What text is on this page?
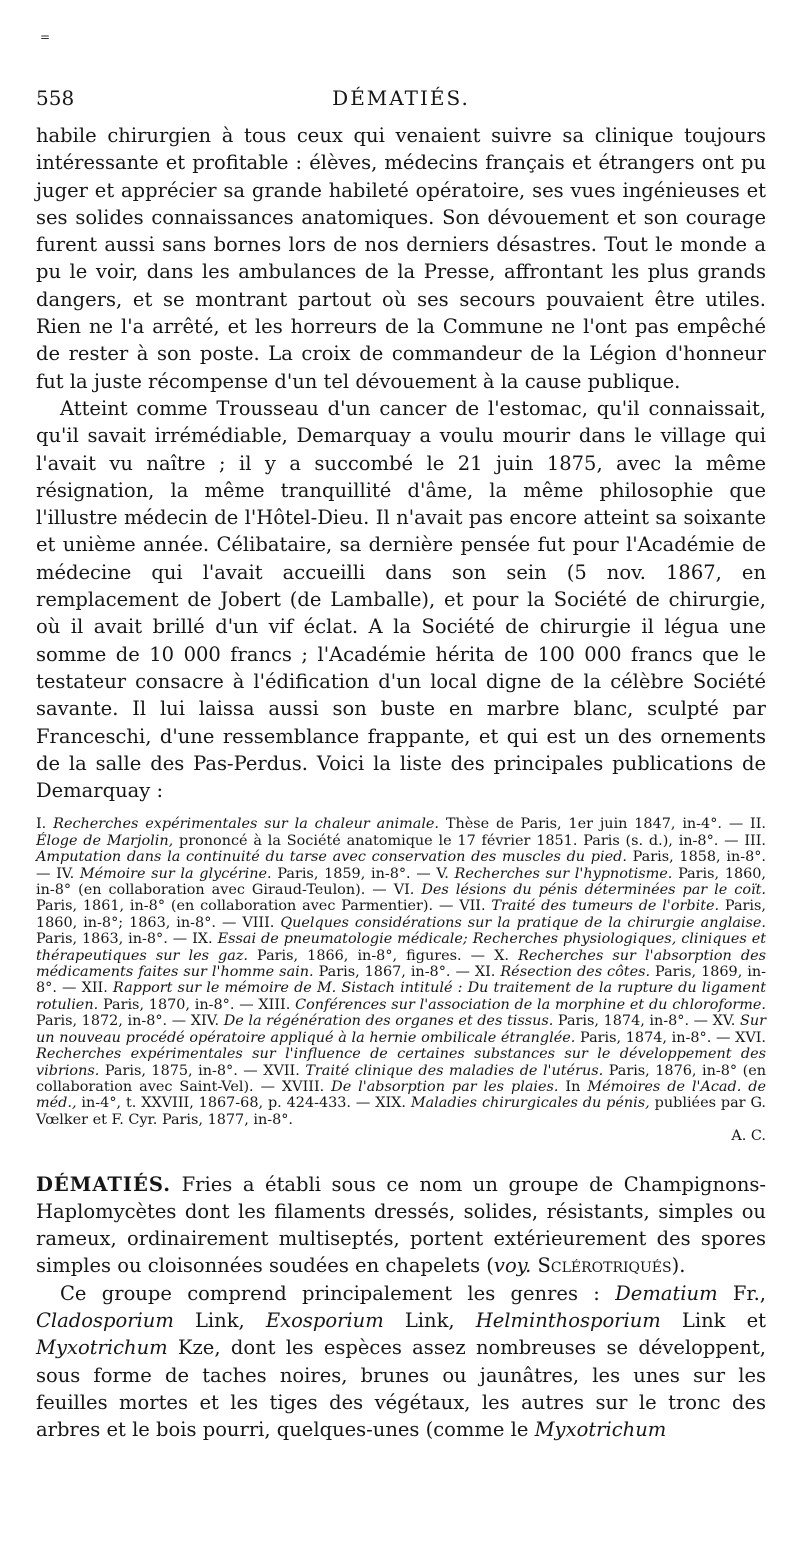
=
558	DÉMATIÉS.

habile chirurgien à tous ceux qui venaient suivre sa clinique toujours intéressante et profitable : élèves, médecins français et étrangers ont pu juger et apprécier sa grande habileté opératoire, ses vues ingénieuses et ses solides connaissances anatomiques. Son dévouement et son courage furent aussi sans bornes lors de nos derniers désastres. Tout le monde a pu le voir, dans les ambulances de la Presse, affrontant les plus grands dangers, et se montrant partout où ses secours pouvaient être utiles. Rien ne l'a arrêté, et les horreurs de la Commune ne l'ont pas empêché de rester à son poste. La croix de commandeur de la Légion d'honneur fut la juste récompense d'un tel dévouement à la cause publique.

Atteint comme Trousseau d'un cancer de l'estomac, qu'il connaissait, qu'il savait irrémédiable, Demarquay a voulu mourir dans le village qui l'avait vu naître ; il y a succombé le 21 juin 1875, avec la même résignation, la même tranquillité d'âme, la même philosophie que l'illustre médecin de l'Hôtel-Dieu. Il n'avait pas encore atteint sa soixante et unième année. Célibataire, sa dernière pensée fut pour l'Académie de médecine qui l'avait accueilli dans son sein (5 nov. 1867, en remplacement de Jobert (de Lamballe), et pour la Société de chirurgie, où il avait brillé d'un vif éclat. A la Société de chirurgie il légua une somme de 10 000 francs ; l'Académie hérita de 100 000 francs que le testateur consacre à l'édification d'un local digne de la célèbre Société savante. Il lui laissa aussi son buste en marbre blanc, sculpté par Franceschi, d'une ressemblance frappante, et qui est un des ornements de la salle des Pas-Perdus. Voici la liste des principales publications de Demarquay :

I. Recherches expérimentales sur la chaleur animale. Thèse de Paris, 1er juin 1847, in-4°. — II. Éloge de Marjolin, prononcé à la Société anatomique le 17 février 1851. Paris (s. d.), in-8°. — III. Amputation dans la continuité du tarse avec conservation des muscles du pied. Paris, 1858, in-8°. — IV. Mémoire sur la glycérine. Paris, 1859, in-8°. — V. Recherches sur l'hypnotisme. Paris, 1860, in-8° (en collaboration avec Giraud-Teulon). — VI. Des lésions du pénis déterminées par le coït. Paris, 1861, in-8° (en collaboration avec Parmentier). — VII. Traité des tumeurs de l'orbite. Paris, 1860, in-8°; 1863, in-8°. — VIII. Quelques considérations sur la pratique de la chirurgie anglaise. Paris, 1863, in-8°. — IX. Essai de pneumatologie médicale; Recherches physiologiques, cliniques et thérapeutiques sur les gaz. Paris, 1866, in-8°, figures. — X. Recherches sur l'absorption des médicaments faites sur l'homme sain. Paris, 1867, in-8°. — XI. Résection des côtes. Paris, 1869, in-8°. — XII. Rapport sur le mémoire de M. Sistach intitulé : Du traitement de la rupture du ligament rotulien. Paris, 1870, in-8°. — XIII. Conférences sur l'association de la morphine et du chloroforme. Paris, 1872, in-8°. — XIV. De la régénération des organes et des tissus. Paris, 1874, in-8°. — XV. Sur un nouveau procédé opératoire appliqué à la hernie ombilicale étranglée. Paris, 1874, in-8°. — XVI. Recherches expérimentales sur l'influence de certaines substances sur le développement des vibrions. Paris, 1875, in-8°. — XVII. Traité clinique des maladies de l'utérus. Paris, 1876, in-8° (en collaboration avec Saint-Vel). — XVIII. De l'absorption par les plaies. In Mémoires de l'Acad. de méd., in-4°, t. XXVIII, 1867-68, p. 424-433. — XIX. Maladies chirurgicales du pénis, publiées par G. Vœlker et F. Cyr. Paris, 1877, in-8°.
A. C.

DÉMATIÉS. Fries a établi sous ce nom un groupe de Champignons-Haplomycètes dont les filaments dressés, solides, résistants, simples ou rameux, ordinairement multiseptés, portent extérieurement des spores simples ou cloisonnées soudées en chapelets (voy. Sclérotriqués).

Ce groupe comprend principalement les genres : Dematium Fr., Cladosporium Link, Exosporium Link, Helminthosporium Link et Myxotrichum Kze, dont les espèces assez nombreuses se développent, sous forme de taches noires, brunes ou jaunâtres, les unes sur les feuilles mortes et les tiges des végétaux, les autres sur le tronc des arbres et le bois pourri, quelques-unes (comme le Myxotrichum
